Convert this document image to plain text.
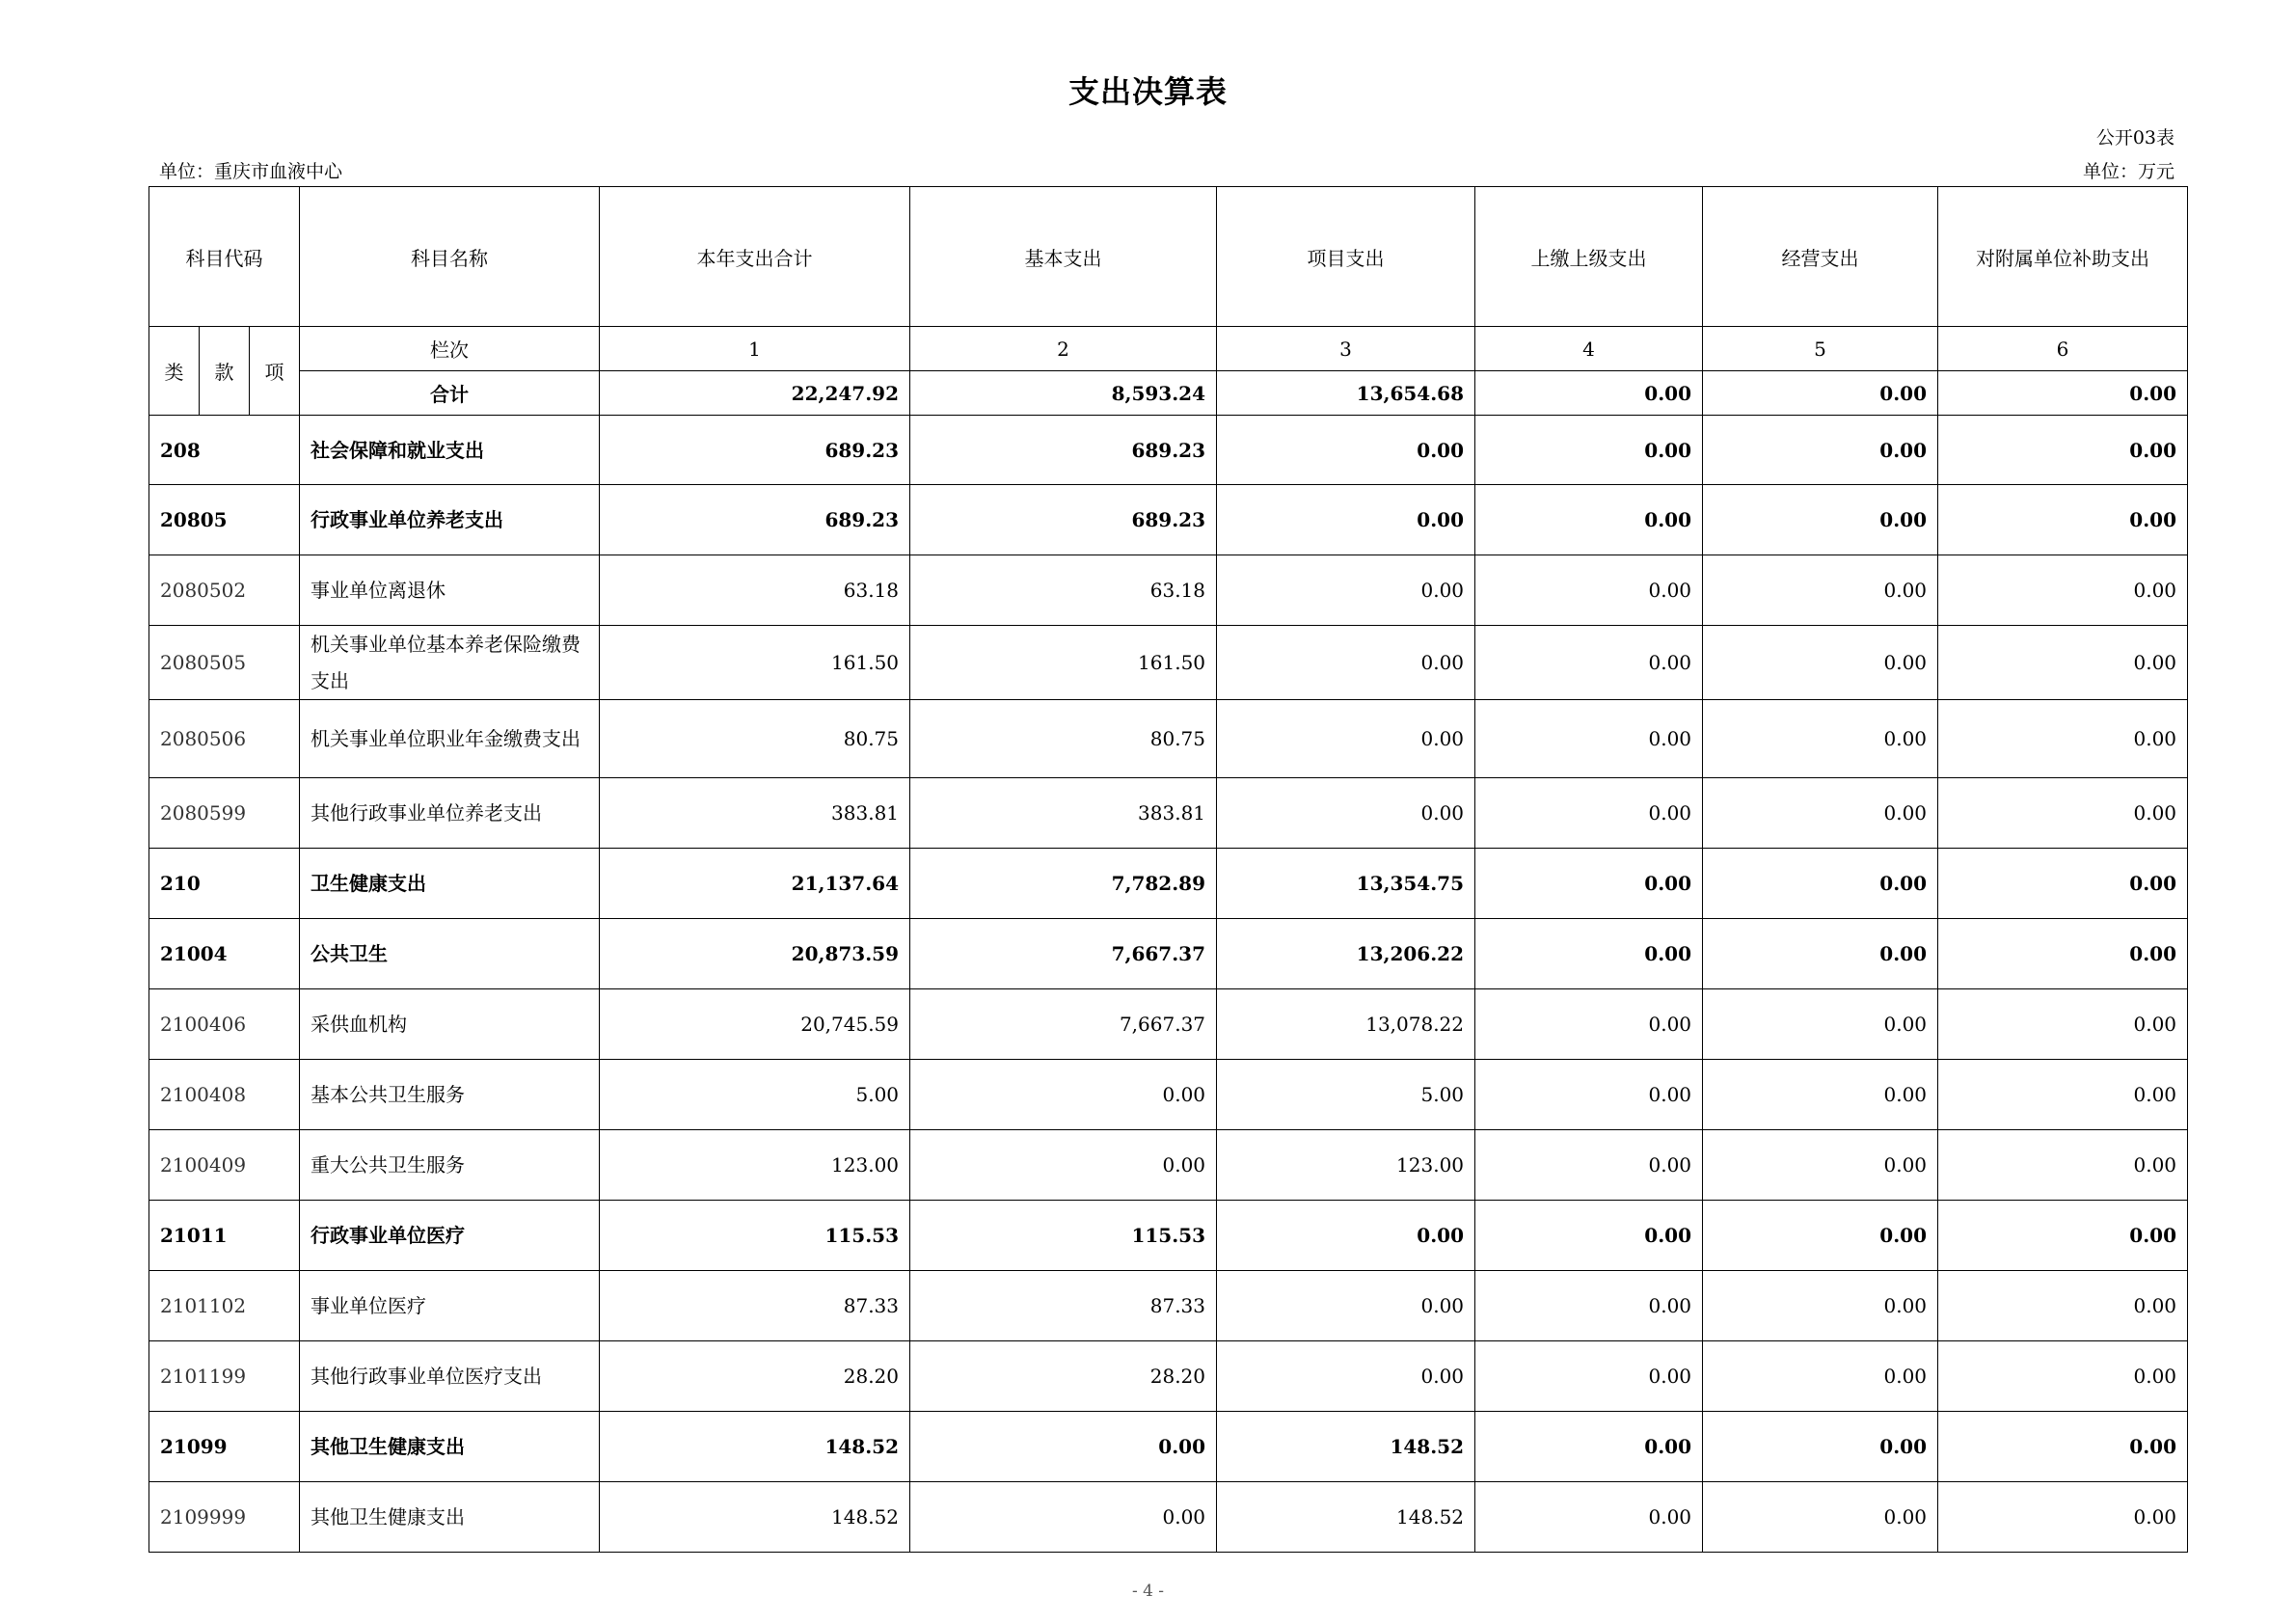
支出决算表
公开03表
单位：重庆市血液中心	单位：万元
科目代码			科目名称	本年支出合计	基本支出	项目支出	上缴上级支出	经营支出	对附属单位补助支出
类	款	项	栏次	1	2	3	4	5	6
			合计	22,247.92	8,593.24	13,654.68	0.00	0.00	0.00
208			社会保障和就业支出	689.23	689.23	0.00	0.00	0.00	0.00
20805			行政事业单位养老支出	689.23	689.23	0.00	0.00	0.00	0.00
2080502			事业单位离退休	63.18	63.18	0.00	0.00	0.00	0.00
2080505			机关事业单位基本养老保险缴费支出	161.50	161.50	0.00	0.00	0.00	0.00
2080506			机关事业单位职业年金缴费支出	80.75	80.75	0.00	0.00	0.00	0.00
2080599			其他行政事业单位养老支出	383.81	383.81	0.00	0.00	0.00	0.00
210			卫生健康支出	21,137.64	7,782.89	13,354.75	0.00	0.00	0.00
21004			公共卫生	20,873.59	7,667.37	13,206.22	0.00	0.00	0.00
2100406			采供血机构	20,745.59	7,667.37	13,078.22	0.00	0.00	0.00
2100408			基本公共卫生服务	5.00	0.00	5.00	0.00	0.00	0.00
2100409			重大公共卫生服务	123.00	0.00	123.00	0.00	0.00	0.00
21011			行政事业单位医疗	115.53	115.53	0.00	0.00	0.00	0.00
2101102			事业单位医疗	87.33	87.33	0.00	0.00	0.00	0.00
2101199			其他行政事业单位医疗支出	28.20	28.20	0.00	0.00	0.00	0.00
21099			其他卫生健康支出	148.52	0.00	148.52	0.00	0.00	0.00
2109999			其他卫生健康支出	148.52	0.00	148.52	0.00	0.00	0.00
- 4 -
